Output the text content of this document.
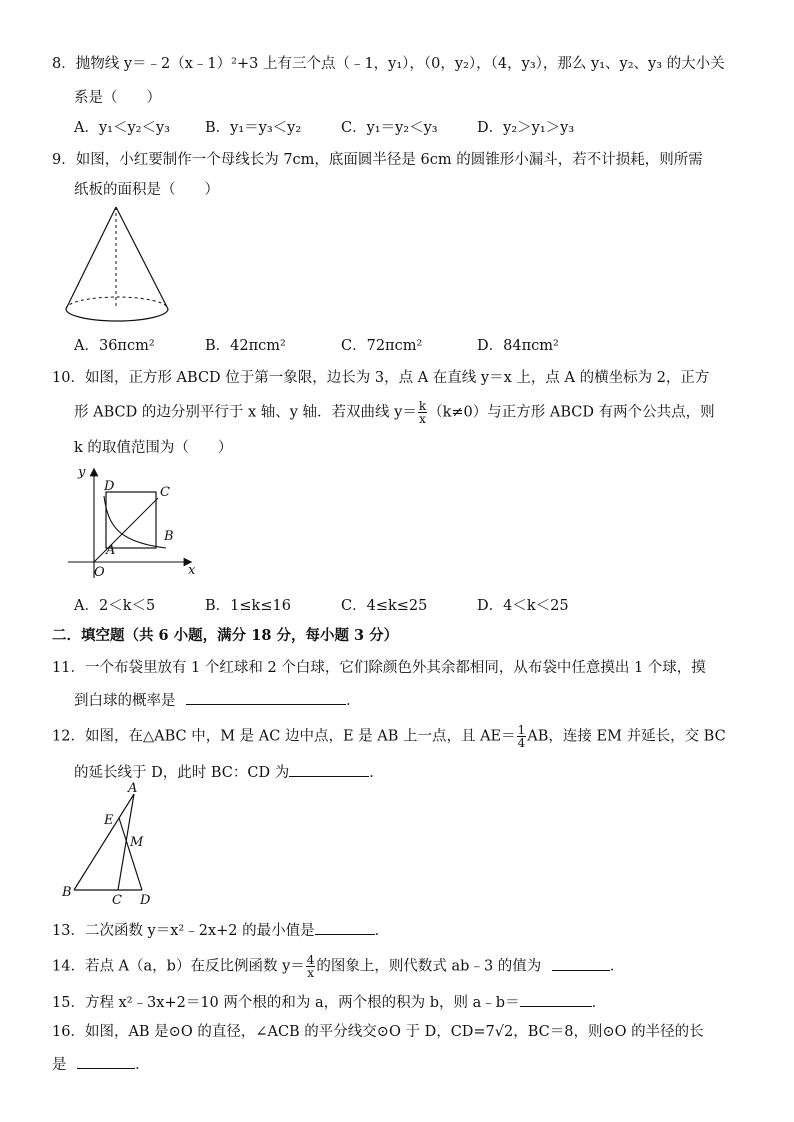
8．抛物线 y＝﹣2（x﹣1）²+3 上有三个点（﹣1，y₁），（0，y₂），（4，y₃），那么 y₁、y₂、y₃ 的大小关
系是（　　）
A．y₁＜y₂＜y₃ B．y₁＝y₃＜y₂	C．y₁＝y₂＜y₃	D．y₂＞y₁＞y₃
9．如图，小红要制作一个母线长为 7cm，底面圆半径是 6cm 的圆锥形小漏斗，若不计损耗，则所需
纸板的面积是（　　）
A．36πcm²	B．42πcm²	C．72πcm²	D．84πcm²
10．如图，正方形 ABCD 位于第一象限，边长为 3，点 A 在直线 y＝x 上，点 A 的横坐标为 2，正方
形 ABCD 的边分别平行于 x 轴、y 轴．若双曲线 $y= \frac{k}{x} (k\ne 0)$与正方形 ABCD 有两个公共点，则
k 的取值范围为（　　）
y
x
O
A
B
C
D
A．2＜k＜5	B．1≤k≤16	C．4≤k≤25	D．4＜k＜25
二．填空题（共 6 小题，满分 18 分，每小题 3 分）
11．一个布袋里放有 1 个红球和 2 个白球，它们除颜色外其余都相同，从布袋中任意摸出 1 个球，摸
到白球的概率是	．
12．如图，在△ABC 中，M 是 AC 边中点，E 是 AB 上一点，且 $AE= \frac{1}{4}$ AB，连接 EM 并延长，交 BC
的延长线于 D，此时 BC：CD 为	．
A
E
M
B
C D
13．二次函数 y＝x²﹣2x+2 的最小值是	．
14．若点 A（a，b）在反比例函数 $y= \frac{4}{x}$ 的图象上，则代数式 ab﹣3 的值为	．
15．方程 x²﹣3x+2＝10 两个根的和为 a，两个根的积为 b，则 a﹣b＝	．
16．如图，AB 是⊙O 的直径，∠ACB 的平分线交⊙O 于 D，CD=7√2，BC＝8，则⊙O 的半径的长
是	．
